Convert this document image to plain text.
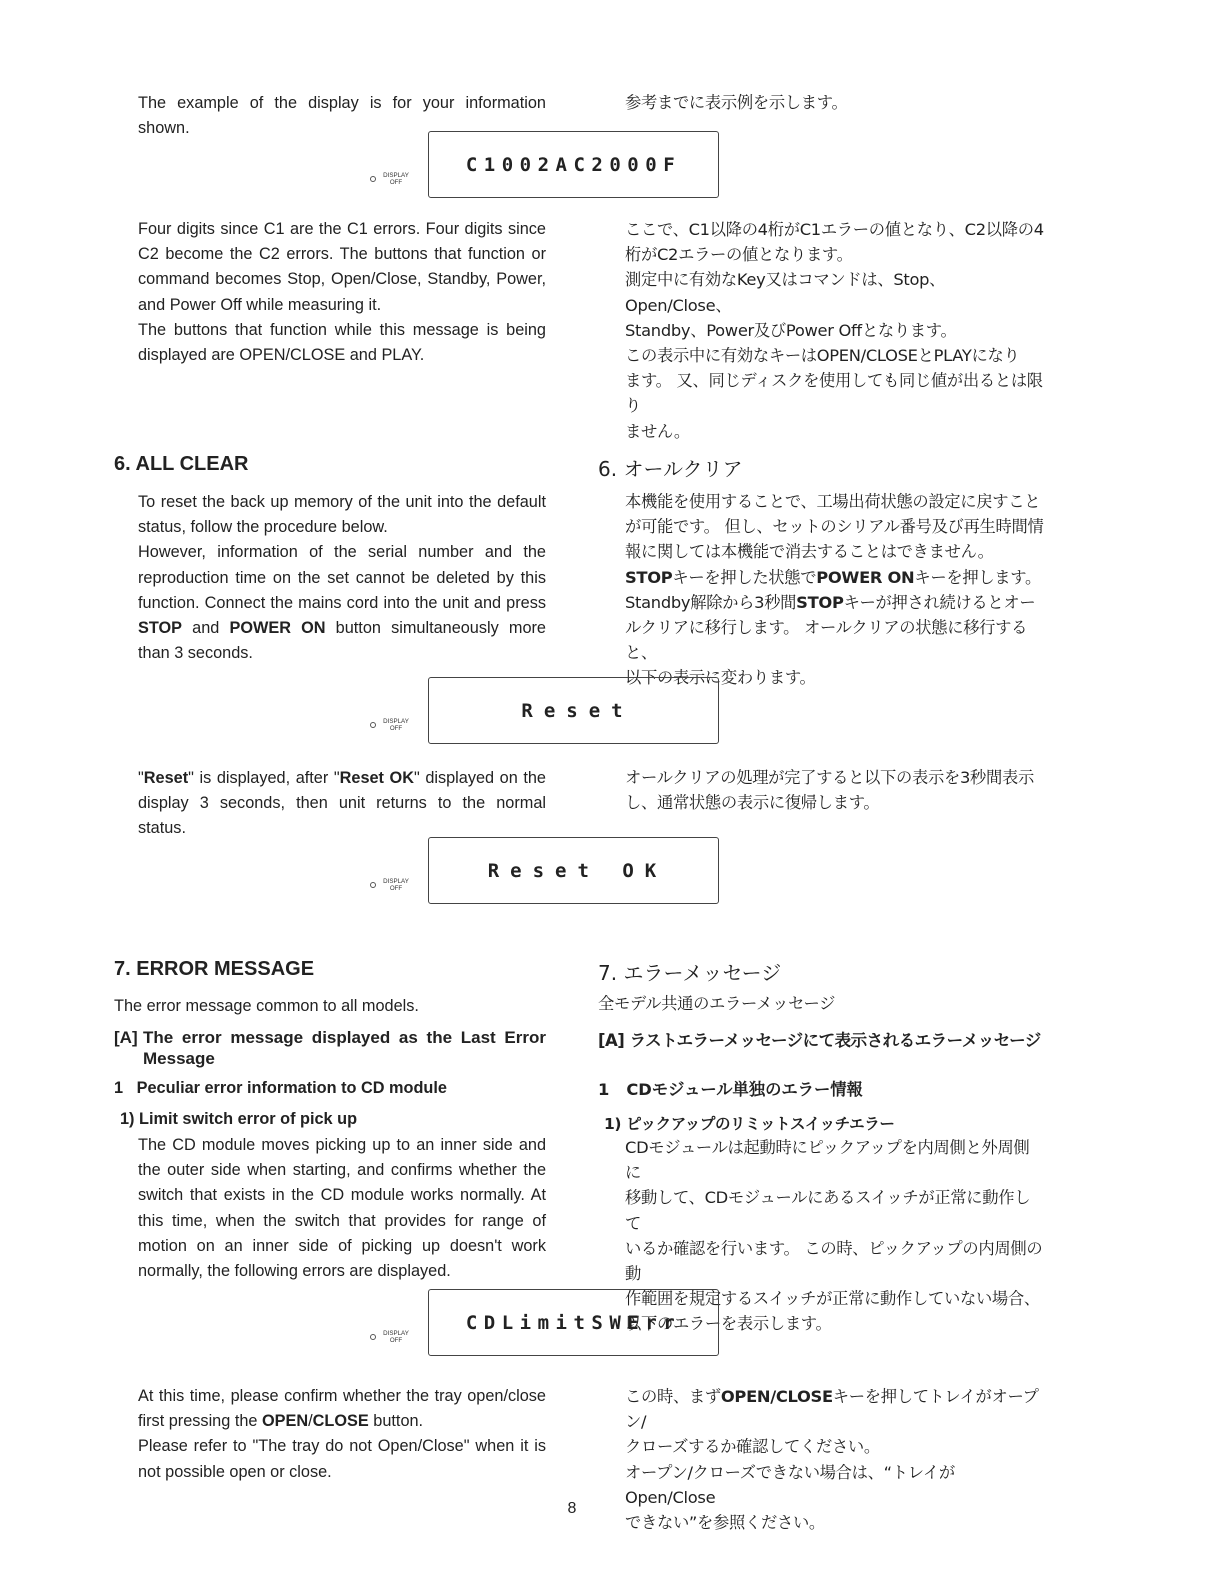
The example of the display is for your information shown.
参考までに表示例を示します。
DISPLAY
OFF
C1002AC2000F
Four digits since C1 are the C1 errors. Four digits since C2 become the C2 errors. The buttons that function or command becomes Stop, Open/Close, Standby, Power, and Power Off while measuring it.
The buttons that function while this message is being displayed are OPEN/CLOSE and PLAY.
ここで、C1以降の4桁がC1エラーの値となり、C2以降の4
桁がC2エラーの値となります。
測定中に有効なKey又はコマンドは、Stop、Open/Close、
Standby、Power及びPower Offとなります。
この表示中に有効なキーはOPEN/CLOSEとPLAYになり
ます。 又、同じディスクを使用しても同じ値が出るとは限り
ません。
6. ALL CLEAR	6. オールクリア
To reset the back up memory of the unit into the default status, follow the procedure below.
However, information of the serial number and the reproduction time on the set cannot be deleted by this function. Connect the mains cord into the unit and press STOP and POWER ON button simultaneously more than 3 seconds.
本機能を使用することで、工場出荷状態の設定に戻すこと
が可能です。 但し、セットのシリアル番号及び再生時間情
報に関しては本機能で消去することはできません。
STOPキーを押した状態でPOWER ONキーを押します。
Standby解除から3秒間STOPキーが押され続けるとオー
ルクリアに移行します。 オールクリアの状態に移行すると、
以下の表示に変わります。
DISPLAY
OFF
Reset
"Reset" is displayed, after "Reset OK" displayed on the display 3 seconds, then unit returns to the normal status.
オールクリアの処理が完了すると以下の表示を3秒間表示
し、通常状態の表示に復帰します。
DISPLAY
OFF
Reset OK
7. ERROR MESSAGE	7. エラーメッセージ
The error message common to all models.	全モデル共通のエラーメッセージ
[A] The error message displayed as the Last Error Message
[A] ラストエラーメッセージにて表示されるエラーメッセージ
1   Peculiar error information to CD module	1   CDモジュール単独のエラー情報
1) Limit switch error of pick up	1) ピックアップのリミットスイッチエラー
The CD module moves picking up to an inner side and the outer side when starting, and confirms whether the switch that exists in the CD module works normally. At this time, when the switch that provides for range of motion on an inner side of picking up doesn't work normally, the following errors are displayed.
CDモジュールは起動時にピックアップを内周側と外周側に
移動して、CDモジュールにあるスイッチが正常に動作して
いるか確認を行います。 この時、ピックアップの内周側の動
作範囲を規定するスイッチが正常に動作していない場合、
以下のエラーを表示します。
DISPLAY
OFF
CDLimitSWErr
At this time, please confirm whether the tray open/close first pressing the OPEN/CLOSE button.
Please refer to "The tray do not Open/Close" when it is not possible open or close.
この時、まずOPEN/CLOSEキーを押してトレイがオープン/
クローズするか確認してください。
オープン/クローズできない場合は、“トレイがOpen/Close
できない”を参照ください。
8
